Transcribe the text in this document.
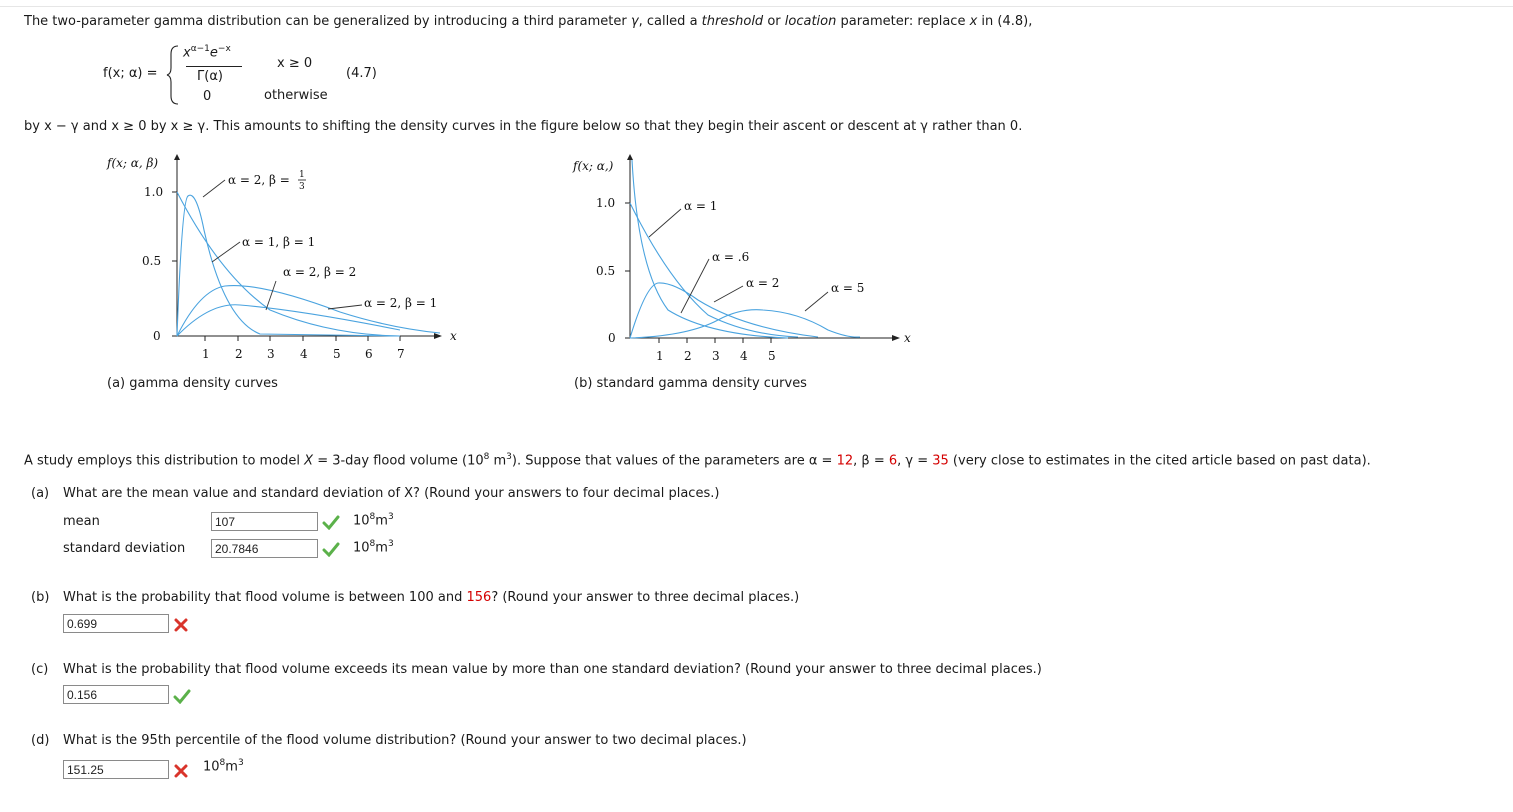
The two-parameter gamma distribution can be generalized by introducing a third parameter γ, called a threshold or location parameter: replace x in (4.8),
f(x; α) =
$x^{\alpha-1}e^{-x}$
Γ(α)
0
x ≥ 0
otherwise
(4.7)
by x − γ and x ≥ 0 by x ≥ γ. This amounts to shifting the density curves in the figure below so that they begin their ascent or descent at γ rather than 0.
f(x; α, β)
1.0
0.5
0
1 2 3 4 5 6 7
x
α = 2, β = 1
3
α = 1, β = 1
α = 2, β = 2
α = 2, β = 1
(a) gamma density curves
f(x; α,)
1.0
0.5
0
1 2 3 4 5
x
α = 1
α = .6
α = 2	α = 5
(b) standard gamma density curves
A study employs this distribution to model X = 3-day flood volume ($10^8$ $m^3$). Suppose that values of the parameters are α = 12, β = 6, γ = 35 (very close to estimates in the cited article based on past data).
(a) What are the mean value and standard deviation of X? (Round your answers to four decimal places.)
mean	107	$10^8m^3$
standard deviation	20.7846	$10^8m^3$
(b) What is the probability that flood volume is between 100 and 156? (Round your answer to three decimal places.)
0.699
(c) What is the probability that flood volume exceeds its mean value by more than one standard deviation? (Round your answer to three decimal places.)
0.156
(d) What is the 95th percentile of the flood volume distribution? (Round your answer to two decimal places.)
151.25	$10^8m^3$
